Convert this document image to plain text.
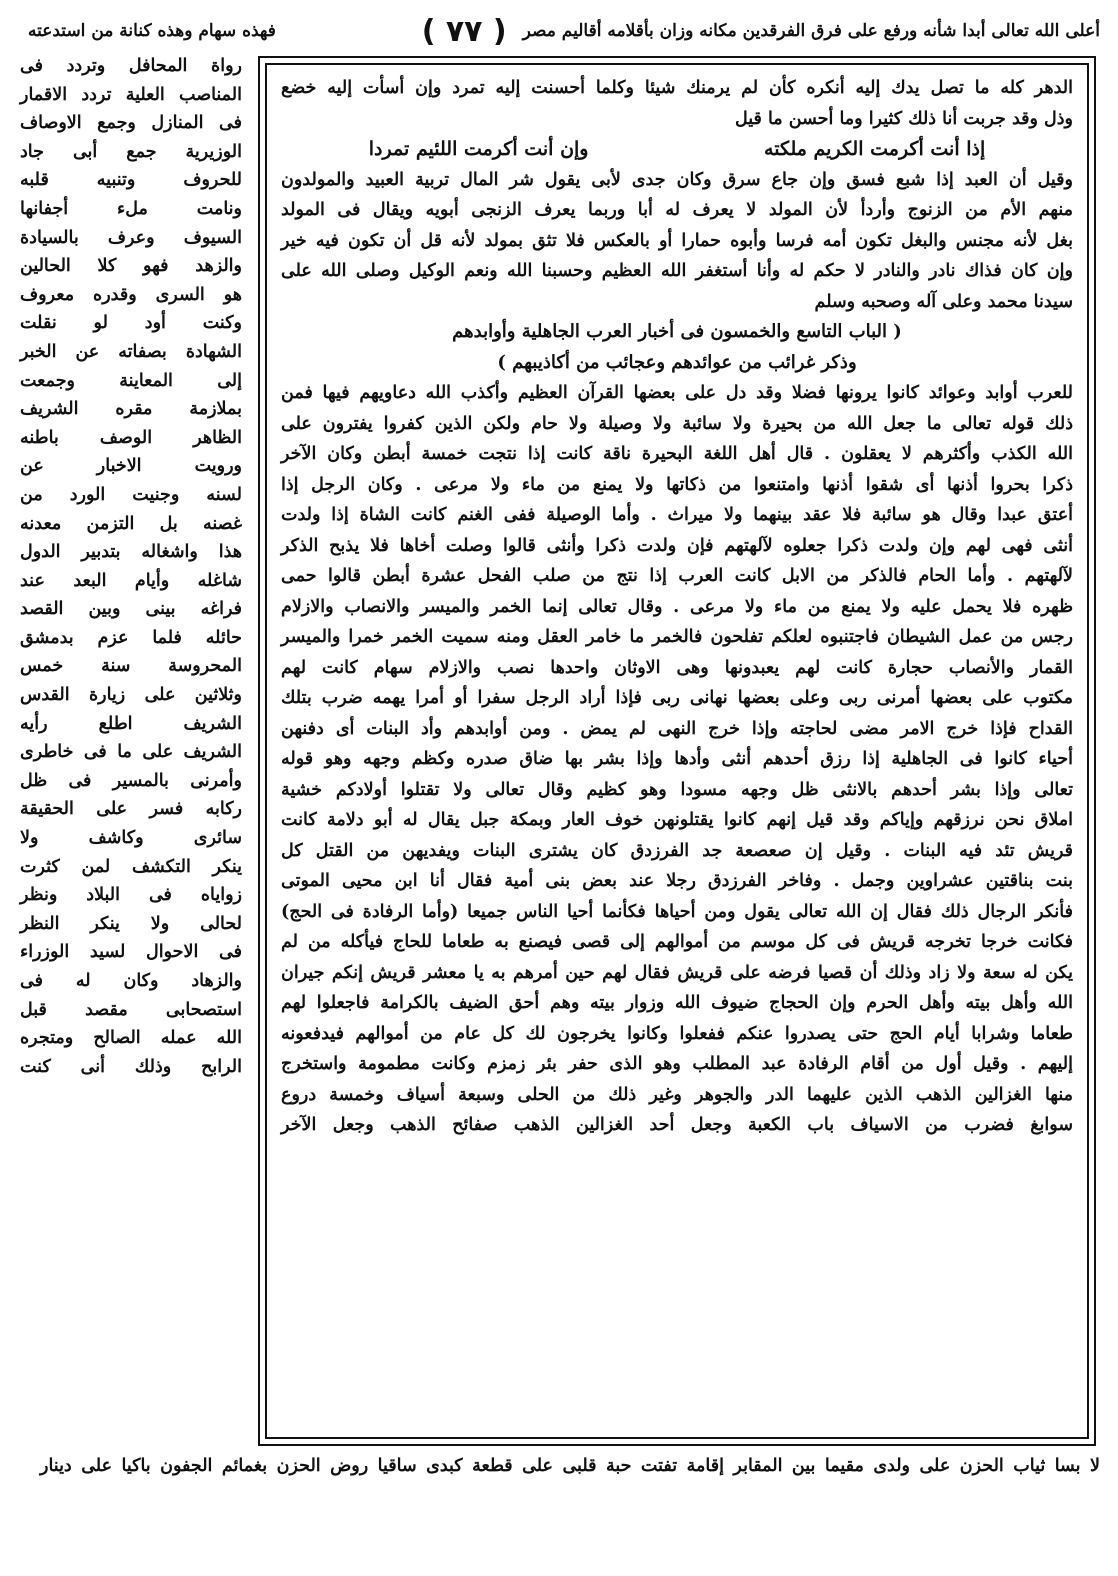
أعلى الله تعالى أبدا شأنه ورفع على فرق الفرقدين مكانه وزان بأقلامه أقاليم مصر
( ٧٧ )
فهذه سهام وهذه كنانة من استدعته
رواة المحافل وتردد فى
المناصب العلية تردد الاقمار
فى المنازل وجمع الاوصاف
الوزيرية جمع أبى جاد
للحروف وتنبيه قلبه
ونامت ملء أجفانها
السيوف وعرف بالسيادة
والزهد فهو كلا الحالين
هو السرى وقدره معروف
وكنت أود لو نقلت
الشهادة بصفاته عن الخبر
إلى المعاينة وجمعت
بملازمة مقره الشريف
الظاهر الوصف باطنه
ورويت الاخبار عن
لسنه وجنيت الورد من
غصنه بل التزمن معدنه
هذا واشغاله بتدبير الدول
شاغله وأيام البعد عند
فراغه بينى وبين القصد
حائله فلما عزم بدمشق
المحروسة سنة خمس
وثلاثين على زيارة القدس
الشريف اطلع رأيه
الشريف على ما فى خاطرى
وأمرنى بالمسير فى ظل
ركابه فسر على الحقيقة
سائرى وكاشف ولا
ينكر التكشف لمن كثرت
زواياه فى البلاد ونظر
لحالى ولا ينكر النظر
فى الاحوال لسيد الوزراء
والزهاد وكان له فى
استصحابى مقصد قبل
الله عمله الصالح ومتجره
الرابح وذلك أنى كنت
الدهر كله ما تصل يدك إليه أنكره كأن لم يرمنك شيئا وكلما أحسنت إليه تمرد وإن أسأت إليه خضع
وذل وقد جربت أنا ذلك كثيرا وما أحسن ما قيل
إذا أنت أكرمت الكريم ملكته
وإن أنت أكرمت اللئيم تمردا
وقيل أن العبد إذا شبع فسق وإن جاع سرق وكان جدى لأبى يقول شر المال تربية العبيد والمولدون
منهم الأم من الزنوج وأردأ لأن المولد لا يعرف له أبا وربما يعرف الزنجى أبويه ويقال فى المولد
بغل لأنه مجنس والبغل تكون أمه فرسا وأبوه حمارا أو بالعكس فلا تثق بمولد لأنه قل أن تكون فيه خير
وإن كان فذاك نادر والنادر لا حكم له وأنا أستغفر الله العظيم وحسبنا الله ونعم الوكيل وصلى الله على
سيدنا محمد وعلى آله وصحبه وسلم
( الباب التاسع والخمسون فى أخبار العرب الجاهلية وأوابدهم
وذكر غرائب من عوائدهم وعجائب من أكاذيبهم )
للعرب أوابد وعوائد كانوا يرونها فضلا وقد دل على بعضها القرآن العظيم وأكذب الله دعاويهم فيها فمن
ذلك قوله تعالى ما جعل الله من بحيرة ولا سائبة ولا وصيلة ولا حام ولكن الذين كفروا يفترون على
الله الكذب وأكثرهم لا يعقلون . قال أهل اللغة البحيرة ناقة كانت إذا نتجت خمسة أبطن وكان الآخر
ذكرا بحروا أذنها أى شقوا أذنها وامتنعوا من ذكاتها ولا يمنع من ماء ولا مرعى . وكان الرجل إذا
أعتق عبدا وقال هو سائبة فلا عقد بينهما ولا ميراث . وأما الوصيلة ففى الغنم كانت الشاة إذا ولدت
أنثى فهى لهم وإن ولدت ذكرا جعلوه لآلهتهم فإن ولدت ذكرا وأنثى قالوا وصلت أخاها فلا يذبح الذكر
لآلهتهم . وأما الحام فالذكر من الابل كانت العرب إذا نتج من صلب الفحل عشرة أبطن قالوا حمى
ظهره فلا يحمل عليه ولا يمنع من ماء ولا مرعى . وقال تعالى إنما الخمر والميسر والانصاب والازلام
رجس من عمل الشيطان فاجتنبوه لعلكم تفلحون فالخمر ما خامر العقل ومنه سميت الخمر خمرا والميسر
القمار والأنصاب حجارة كانت لهم يعبدونها وهى الاوثان واحدها نصب والازلام سهام كانت لهم
مكتوب على بعضها أمرنى ربى وعلى بعضها نهانى ربى فإذا أراد الرجل سفرا أو أمرا يهمه ضرب بتلك
القداح فإذا خرج الامر مضى لحاجته وإذا خرج النهى لم يمض . ومن أوابدهم وأد البنات أى دفنهن
أحياء كانوا فى الجاهلية إذا رزق أحدهم أنثى وأدها وإذا بشر بها ضاق صدره وكظم وجهه وهو قوله
تعالى وإذا بشر أحدهم بالانثى ظل وجهه مسودا وهو كظيم وقال تعالى ولا تقتلوا أولادكم خشية
املاق نحن نرزقهم وإياكم وقد قيل إنهم كانوا يقتلونهن خوف العار وبمكة جبل يقال له أبو دلامة كانت
قريش تئد فيه البنات . وقيل إن صعصعة جد الفرزدق كان يشترى البنات ويفديهن من القتل كل
بنت بناقتين عشراوين وجمل . وفاخر الفرزدق رجلا عند بعض بنى أمية فقال أنا ابن محيى الموتى
فأنكر الرجال ذلك فقال إن الله تعالى يقول ومن أحياها فكأنما أحيا الناس جميعا (وأما الرفادة فى الحج)
فكانت خرجا تخرجه قريش فى كل موسم من أموالهم إلى قصى فيصنع به طعاما للحاج فيأكله من لم
يكن له سعة ولا زاد وذلك أن قصيا فرضه على قريش فقال لهم حين أمرهم به يا معشر قريش إنكم جيران
الله وأهل بيته وأهل الحرم وإن الحجاج ضيوف الله وزوار بيته وهم أحق الضيف بالكرامة فاجعلوا لهم
طعاما وشرابا أيام الحج حتى يصدروا عنكم ففعلوا وكانوا يخرجون لك كل عام من أموالهم فيدفعونه
إليهم . وقيل أول من أقام الرفادة عبد المطلب وهو الذى حفر بئر زمزم وكانت مطمومة واستخرج
منها الغزالين الذهب الذين عليهما الدر والجوهر وغير ذلك من الحلى وسبعة أسياف وخمسة دروع
سوابغ فضرب من الاسياف باب الكعبة وجعل أحد الغزالين الذهب صفائح الذهب وجعل الآخر
لا بسا ثياب الحزن على ولدى مقيما بين المقابر إقامة تفتت حبة قلبى على قطعة كبدى ساقيا روض الحزن بغمائم الجفون باكيا على دينار
